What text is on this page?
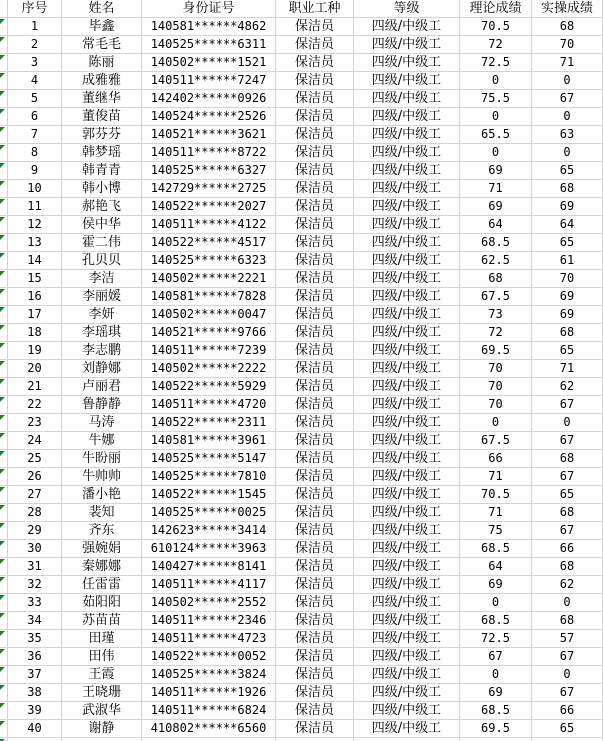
序号	姓名	身份证号	职业工种	等级	理论成绩	实操成绩
1	毕鑫	140581******4862	保洁员	四级/中级工	70.5	68
2	常毛毛	140525******6311	保洁员	四级/中级工	72	70
3	陈丽	140502******1521	保洁员	四级/中级工	72.5	71
4	成雅雅	140511******7247	保洁员	四级/中级工	0	0
5	董继华	142402******0926	保洁员	四级/中级工	75.5	67
6	董俊苗	140524******2526	保洁员	四级/中级工	0	0
7	郭芬芬	140521******3621	保洁员	四级/中级工	65.5	63
8	韩梦瑶	140511******8722	保洁员	四级/中级工	0	0
9	韩青青	140525******6327	保洁员	四级/中级工	69	65
10	韩小博	142729******2725	保洁员	四级/中级工	71	68
11	郝艳飞	140522******2027	保洁员	四级/中级工	69	69
12	侯中华	140511******4122	保洁员	四级/中级工	64	64
13	霍二伟	140522******4517	保洁员	四级/中级工	68.5	65
14	孔贝贝	140525******6323	保洁员	四级/中级工	62.5	61
15	李洁	140502******2221	保洁员	四级/中级工	68	70
16	李丽媛	140581******7828	保洁员	四级/中级工	67.5	69
17	李妍	140502******0047	保洁员	四级/中级工	73	69
18	李瑶琪	140521******9766	保洁员	四级/中级工	72	68
19	李志鹏	140511******7239	保洁员	四级/中级工	69.5	65
20	刘静娜	140502******2222	保洁员	四级/中级工	70	71
21	卢丽君	140522******5929	保洁员	四级/中级工	70	62
22	鲁静静	140511******4720	保洁员	四级/中级工	70	67
23	马涛	140522******2311	保洁员	四级/中级工	0	0
24	牛娜	140581******3961	保洁员	四级/中级工	67.5	67
25	牛盼丽	140525******5147	保洁员	四级/中级工	66	68
26	牛帅帅	140525******7810	保洁员	四级/中级工	71	67
27	潘小艳	140522******1545	保洁员	四级/中级工	70.5	65
28	裴知	140525******0025	保洁员	四级/中级工	71	68
29	齐东	142623******3414	保洁员	四级/中级工	75	67
30	强婉娟	610124******3963	保洁员	四级/中级工	68.5	66
31	秦娜娜	140427******8141	保洁员	四级/中级工	64	68
32	任雷雷	140511******4117	保洁员	四级/中级工	69	62
33	茹阳阳	140502******2552	保洁员	四级/中级工	0	0
34	苏苗苗	140511******2346	保洁员	四级/中级工	68.5	68
35	田瑾	140511******4723	保洁员	四级/中级工	72.5	57
36	田伟	140522******0052	保洁员	四级/中级工	67	67
37	王霞	140525******3824	保洁员	四级/中级工	0	0
38	王晓珊	140511******1926	保洁员	四级/中级工	69	67
39	武淑华	140511******6824	保洁员	四级/中级工	68.5	66
40	谢静	410802******6560	保洁员	四级/中级工	69.5	65
